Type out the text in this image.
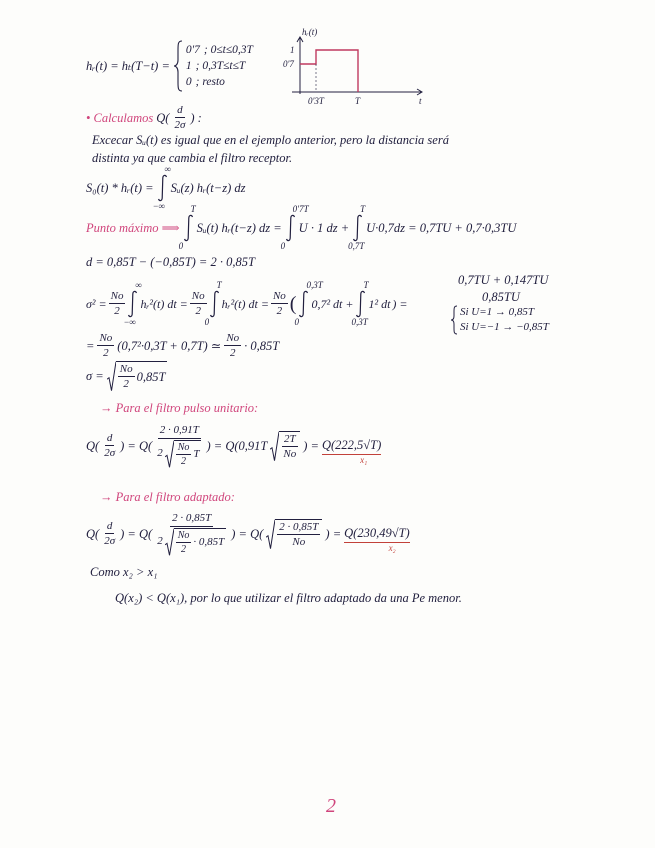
hᵣ(t) = hₜ(T−t) =
0'7 ; 0≤t≤0,3T
1 ; 0,3T≤t≤T
0 ; resto
hᵣ(t)
1
0'7
0'3T	T	t
• Calculamos $Q( \frac{d}{2\sigma}$ ) :
Excecar Sᵤ(t) es igual que en el ejemplo anterior, pero la distancia será
distinta ya que cambia el filtro receptor.
S₀(t) * hᵣ(t) =
∞
−∞
Sᵤ(z) hᵣ(t−z) dz
Punto máximo ⟹
T
0
Sᵤ(t) hᵣ(t−z) dz =
0'7T
0
U · 1 dz +
T
0,7T
U·0,7dz = 0,7TU + 0,7·0,3TU
0,7TU + 0,147TU
0,85TU
Si U=1 → 0,85T
Si U=−1 → −0,85T
d = 0,85T − (−0,85T) = 2 · 0,85T
$\sigma^2 = \frac{No}{2}$
∞
−∞
hᵣ²(t) dt = $\frac{No}{2}$
T
0
hᵣ²(t) dt = $\frac{No}{2}$ (
0,3T
0
0,7² dt +
T
0,3T
1² dt ) =
= $\frac{No}{2} (0,7^2\cdot 0,3T + 0,7T)$ ≃ $\frac{No}{2} \cdot 0,85T$
$\sigma = \frac{No}{2} 0,85T$
→ Para el filtro pulso unitario:
$Q( \frac{d}{2\sigma}$ ) = $Q( \frac{2 \cdot 0,91T}{2 \frac{No}{2} T}$ ) = $Q(0,91T \frac{2T}{No}$ ) = Q(222,5√T)
x₁
→ Para el filtro adaptado:
$Q( \frac{d}{2\sigma}$ ) = $Q( \frac{2 \cdot 0,85T}{2 \frac{No}{2} \cdot 0,85T}$ ) = $Q( \frac{2 \cdot 0,85T}{No}$ ) = Q(230,49√T)
x₂
Como x₂ > x₁
Q(x₂) < Q(x₁), por lo que utilizar el filtro adaptado da una Pe menor.
2
